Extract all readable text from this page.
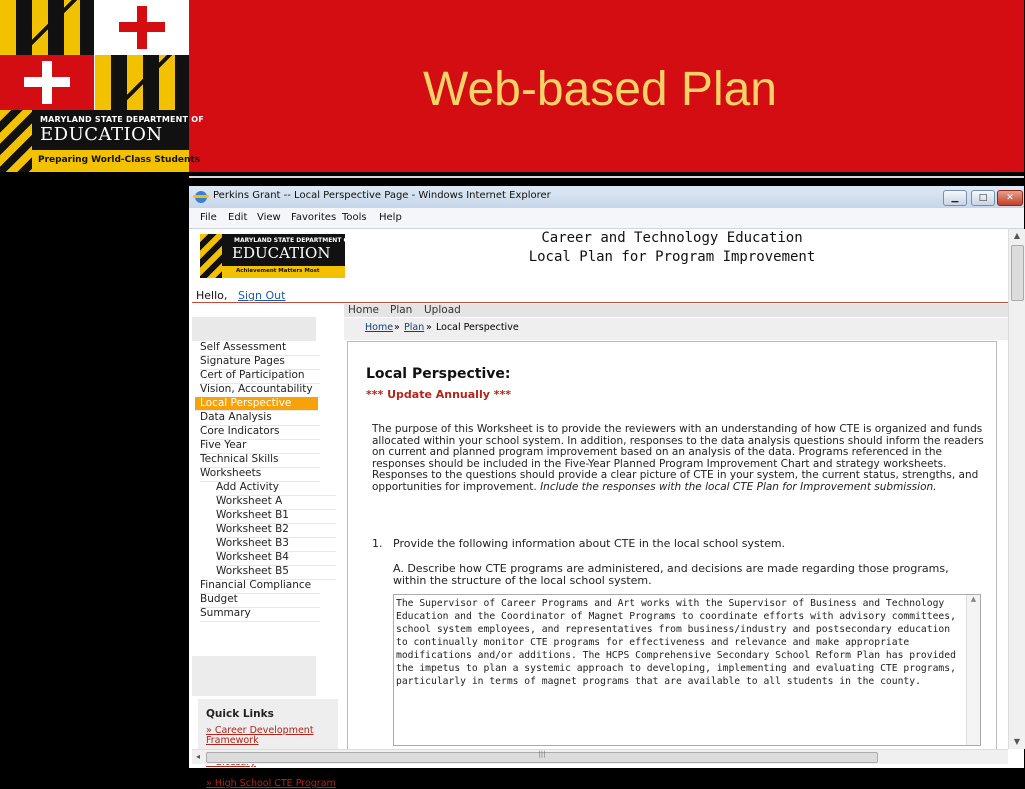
MARYLAND STATE DEPARTMENT OF
EDUCATION
Preparing World-Class Students
Web-based Plan
Perkins Grant -- Local Perspective Page - Windows Internet Explorer	▁	□	✕
File Edit View Favorites Tools Help
MARYLAND STATE DEPARTMENT OF
EDUCATION
Achievement Matters Most
Career and Technology Education
Local Plan for Program Improvement
Hello, Sign Out
Home Plan Upload
Home » Plan » Local Perspective
Self Assessment
Signature Pages
Cert of Participation
Vision, Accountability
Local Perspective
Data Analysis
Core Indicators
Five Year
Technical Skills
Worksheets
Add Activity
Worksheet A
Worksheet B1
Worksheet B2
Worksheet B3
Worksheet B4
Worksheet B5
Financial Compliance
Budget
Summary
Quick Links
» Career Development Framework
» High School CTE Program
Local Perspective:
*** Update Annually ***
The purpose of this Worksheet is to provide the reviewers with an understanding of how CTE is organized and funds allocated within your school system. In addition, responses to the data analysis questions should inform the readers on current and planned program improvement based on an analysis of the data. Programs referenced in the responses should be included in the Five-Year Planned Program Improvement Chart and strategy worksheets. Responses to the questions should provide a clear picture of CTE in your system, the current status, strengths, and opportunities for improvement. Include the responses with the local CTE Plan for Improvement submission.
1. Provide the following information about CTE in the local school system.
A. Describe how CTE programs are administered, and decisions are made regarding those programs, within the structure of the local school system.
The Supervisor of Career Programs and Art works with the Supervisor of Business and Technology Education and the Coordinator of Magnet Programs to coordinate efforts with advisory committees, school system employees, and representatives from business/industry and postsecondary education to continually monitor CTE programs for effectiveness and relevance and make appropriate modifications and/or additions. The HCPS Comprehensive Secondary School Reform Plan has provided the impetus to plan a systemic approach to developing, implementing and evaluating CTE programs, particularly in terms of magnet programs that are available to all students in the county.
▲
▲
▼
◂	|||
